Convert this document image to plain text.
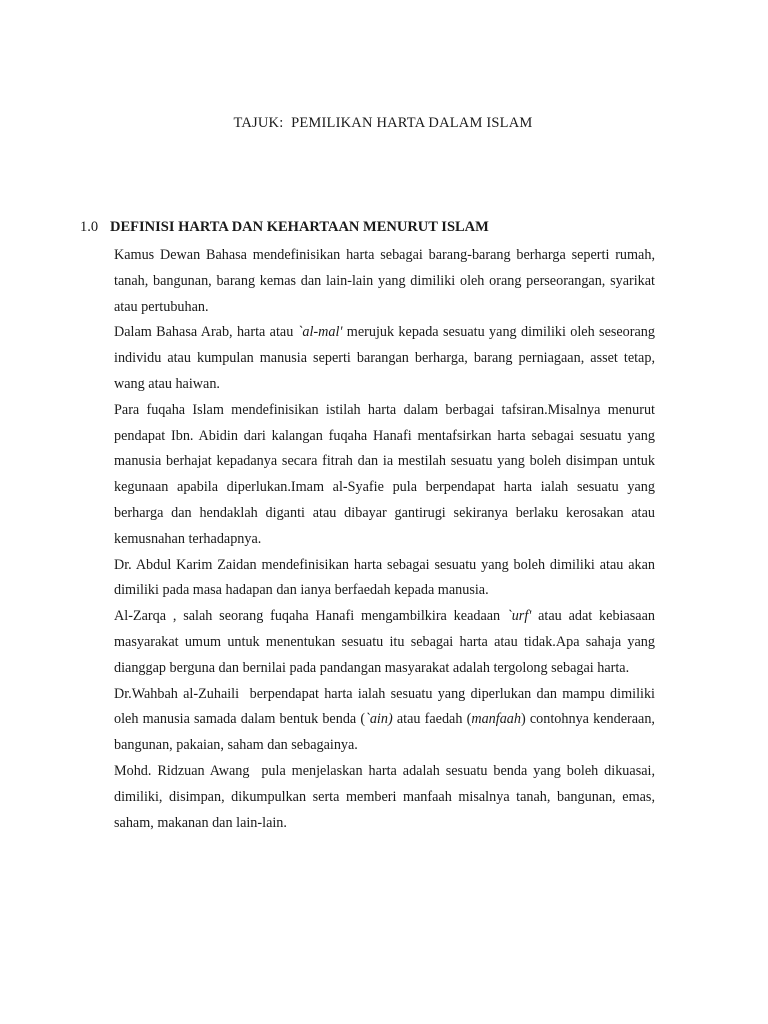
TAJUK:  PEMILIKAN HARTA DALAM ISLAM
1.0 DEFINISI HARTA DAN KEHARTAAN MENURUT ISLAM

Kamus Dewan Bahasa mendefinisikan harta sebagai barang-barang berharga seperti rumah, tanah, bangunan, barang kemas dan lain-lain yang dimiliki oleh orang perseorangan, syarikat atau pertubuhan.

Dalam Bahasa Arab, harta atau `al-mal' merujuk kepada sesuatu yang dimiliki oleh seseorang individu atau kumpulan manusia seperti barangan berharga, barang perniagaan, asset tetap, wang atau haiwan.

Para fuqaha Islam mendefinisikan istilah harta dalam berbagai tafsiran.Misalnya menurut pendapat Ibn. Abidin dari kalangan fuqaha Hanafi mentafsirkan harta sebagai sesuatu yang manusia berhajat kepadanya secara fitrah dan ia mestilah sesuatu yang boleh disimpan untuk kegunaan apabila diperlukan.Imam al-Syafie pula berpendapat harta ialah sesuatu yang berharga dan hendaklah diganti atau dibayar gantirugi sekiranya berlaku kerosakan atau kemusnahan terhadapnya.

Dr. Abdul Karim Zaidan mendefinisikan harta sebagai sesuatu yang boleh dimiliki atau akan dimiliki pada masa hadapan dan ianya berfaedah kepada manusia.

Al-Zarqa , salah seorang fuqaha Hanafi mengambilkira keadaan `urf' atau adat kebiasaan masyarakat umum untuk menentukan sesuatu itu sebagai harta atau tidak.Apa sahaja yang dianggap berguna dan bernilai pada pandangan masyarakat adalah tergolong sebagai harta.

Dr.Wahbah al-Zuhaili  berpendapat harta ialah sesuatu yang diperlukan dan mampu dimiliki oleh manusia samada dalam bentuk benda (`ain) atau faedah (manfaah) contohnya kenderaan, bangunan, pakaian, saham dan sebagainya.

Mohd. Ridzuan Awang  pula menjelaskan harta adalah sesuatu benda yang boleh dikuasai, dimiliki, disimpan, dikumpulkan serta memberi manfaah misalnya tanah, bangunan, emas, saham, makanan dan lain-lain.
